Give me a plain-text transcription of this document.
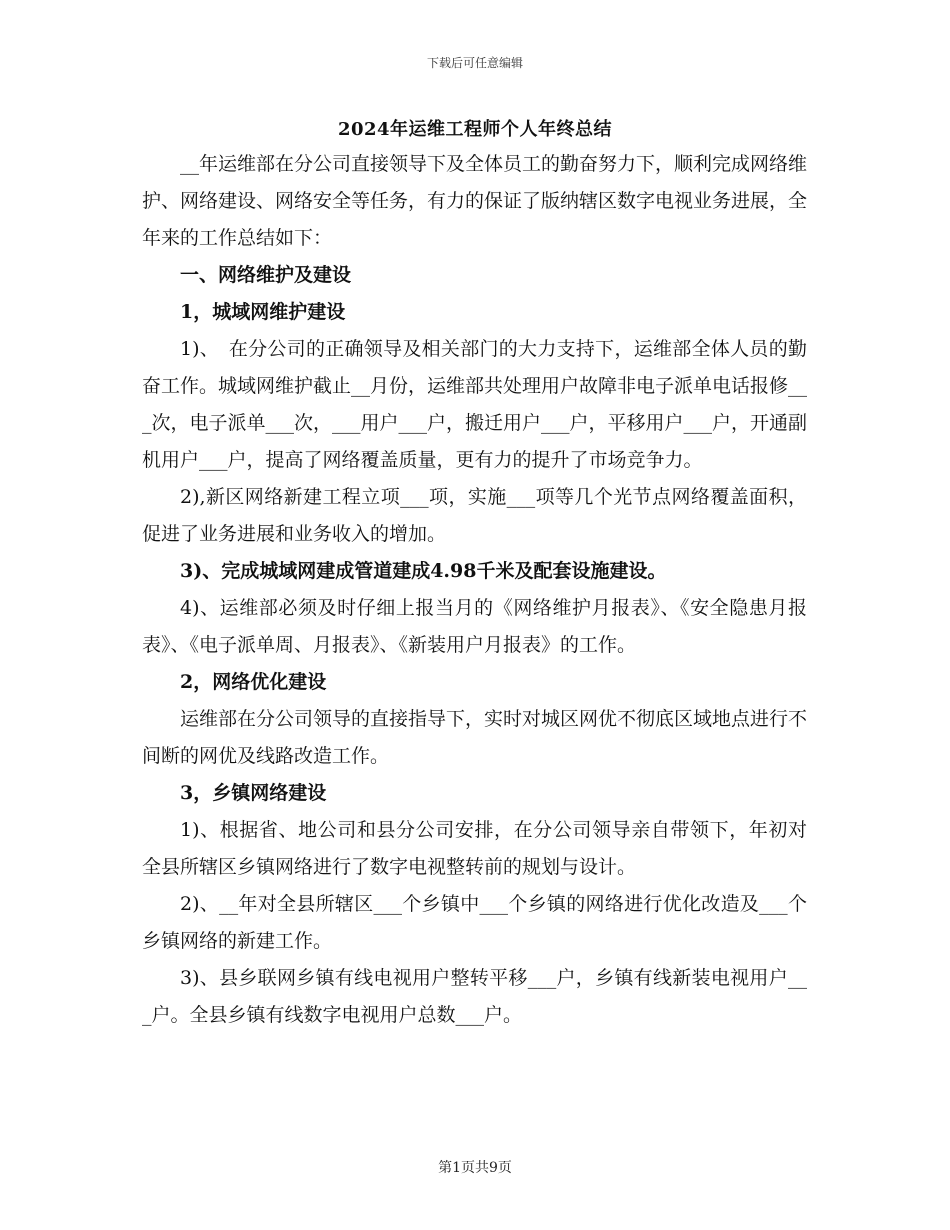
下载后可任意编辑
2024年运维工程师个人年终总结

__年运维部在分公司直接领导下及全体员工的勤奋努力下，顺利完成网络维护、网络建设、网络安全等任务，有力的保证了版纳辖区数字电视业务进展，全年来的工作总结如下：

一、网络维护及建设

1，城域网维护建设

1)、　在分公司的正确领导及相关部门的大力支持下，运维部全体人员的勤奋工作。城域网维护截止__月份，运维部共处理用户故障非电子派单电话报修___次，电子派单___次，___用户___户，搬迁用户___户，平移用户___户，开通副机用户___户，提高了网络覆盖质量，更有力的提升了市场竞争力。

2),新区网络新建工程立项___项，实施___项等几个光节点网络覆盖面积，促进了业务进展和业务收入的增加。

3)、完成城域网建成管道建成4.98千米及配套设施建设。

4)、运维部必须及时仔细上报当月的《网络维护月报表》、《安全隐患月报表》、《电子派单周、月报表》、《新装用户月报表》的工作。

2，网络优化建设

运维部在分公司领导的直接指导下，实时对城区网优不彻底区域地点进行不间断的网优及线路改造工作。

3，乡镇网络建设

1)、根据省、地公司和县分公司安排，在分公司领导亲自带领下，年初对全县所辖区乡镇网络进行了数字电视整转前的规划与设计。

2)、__年对全县所辖区___个乡镇中___个乡镇的网络进行优化改造及___个乡镇网络的新建工作。

3)、县乡联网乡镇有线电视用户整转平移___户，乡镇有线新装电视用户___户。全县乡镇有线数字电视用户总数___户。

第1页共9页
